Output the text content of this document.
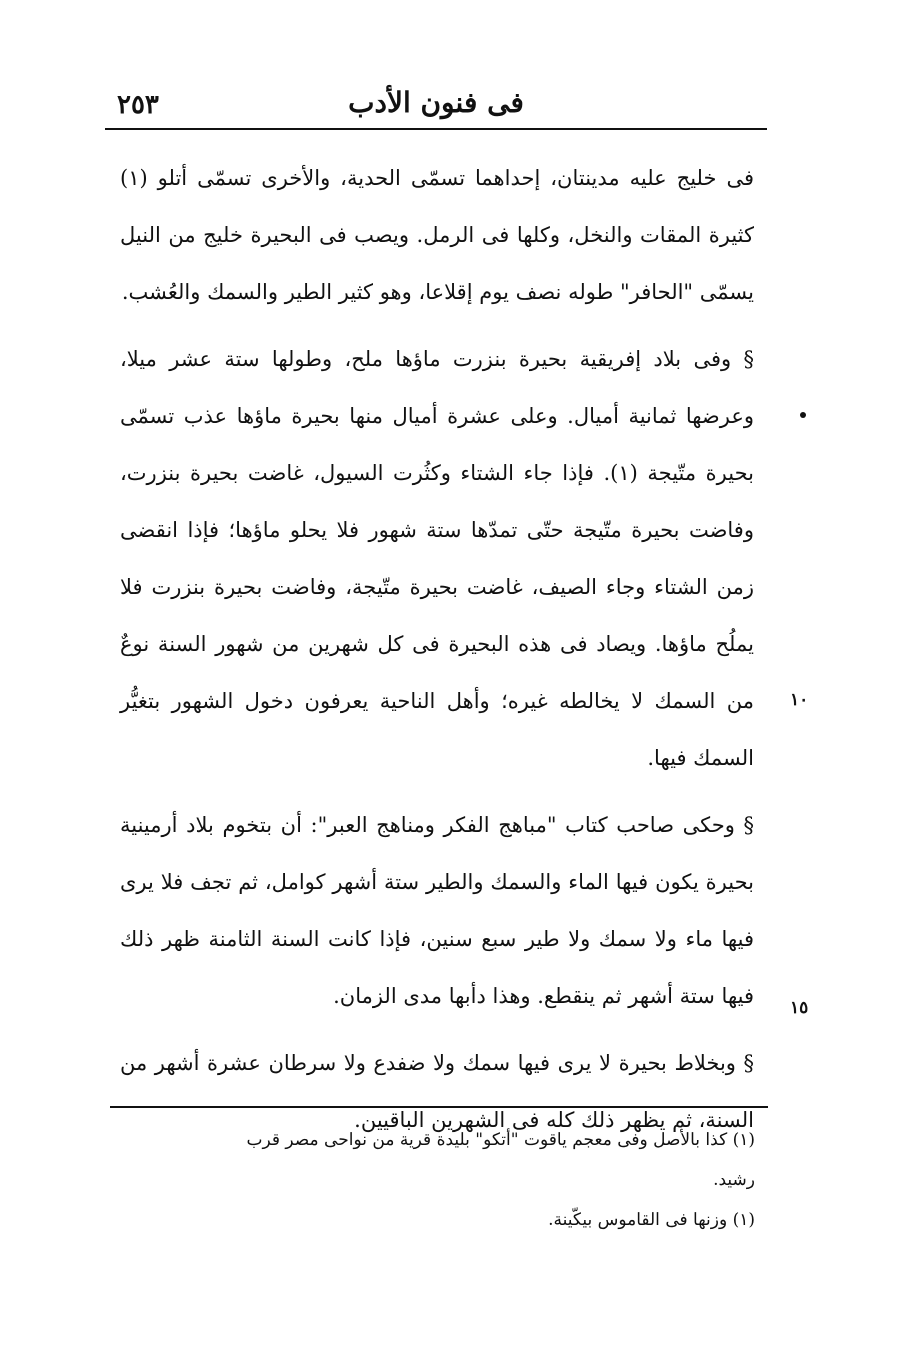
٢٥٣	فى فنون الأدب

فى خليج عليه مدينتان، إحداهما تسمّى الحدية، والأخرى تسمّى أتلو (١) كثيرة المقات والنخل، وكلها فى الرمل. ويصب فى البحيرة خليج من النيل يسمّى "الحافر" طوله نصف يوم إقلاعا، وهو كثير الطير والسمك والعُشب.

§ وفى بلاد إفريقية بحيرة بنزرت ماؤها ملح، وطولها ستة عشر ميلا، وعرضها ثمانية أميال. وعلى عشرة أميال منها بحيرة ماؤها عذب تسمّى بحيرة متّيجة (١). فإذا جاء الشتاء وكثُرت السيول، غاضت بحيرة بنزرت، وفاضت بحيرة متّيجة حتّى تمدّها ستة شهور فلا يحلو ماؤها؛ فإذا انقضى زمن الشتاء وجاء الصيف، غاضت بحيرة متّيجة، وفاضت بحيرة بنزرت فلا يملُح ماؤها. ويصاد فى هذه البحيرة فى كل شهرين من شهور السنة نوعٌ من السمك لا يخالطه غيره؛ وأهل الناحية يعرفون دخول الشهور بتغيُّر السمك فيها.

§ وحكى صاحب كتاب "مباهج الفكر ومناهج العبر": أن بتخوم بلاد أرمينية بحيرة يكون فيها الماء والسمك والطير ستة أشهر كوامل، ثم تجف فلا يرى فيها ماء ولا سمك ولا طير سبع سنين، فإذا كانت السنة الثامنة ظهر ذلك فيها ستة أشهر ثم ينقطع. وهذا دأبها مدى الزمان.

§ وبخلاط بحيرة لا يرى فيها سمك ولا ضفدع ولا سرطان عشرة أشهر من السنة، ثم يظهر ذلك كله فى الشهرين الباقيين.

١٠
١٥

(١) كذا بالأصل وفى معجم ياقوت "أتكو" بليدة قرية من نواحى مصر قرب رشيد.

(١) وزنها فى القاموس بيكّينة.
